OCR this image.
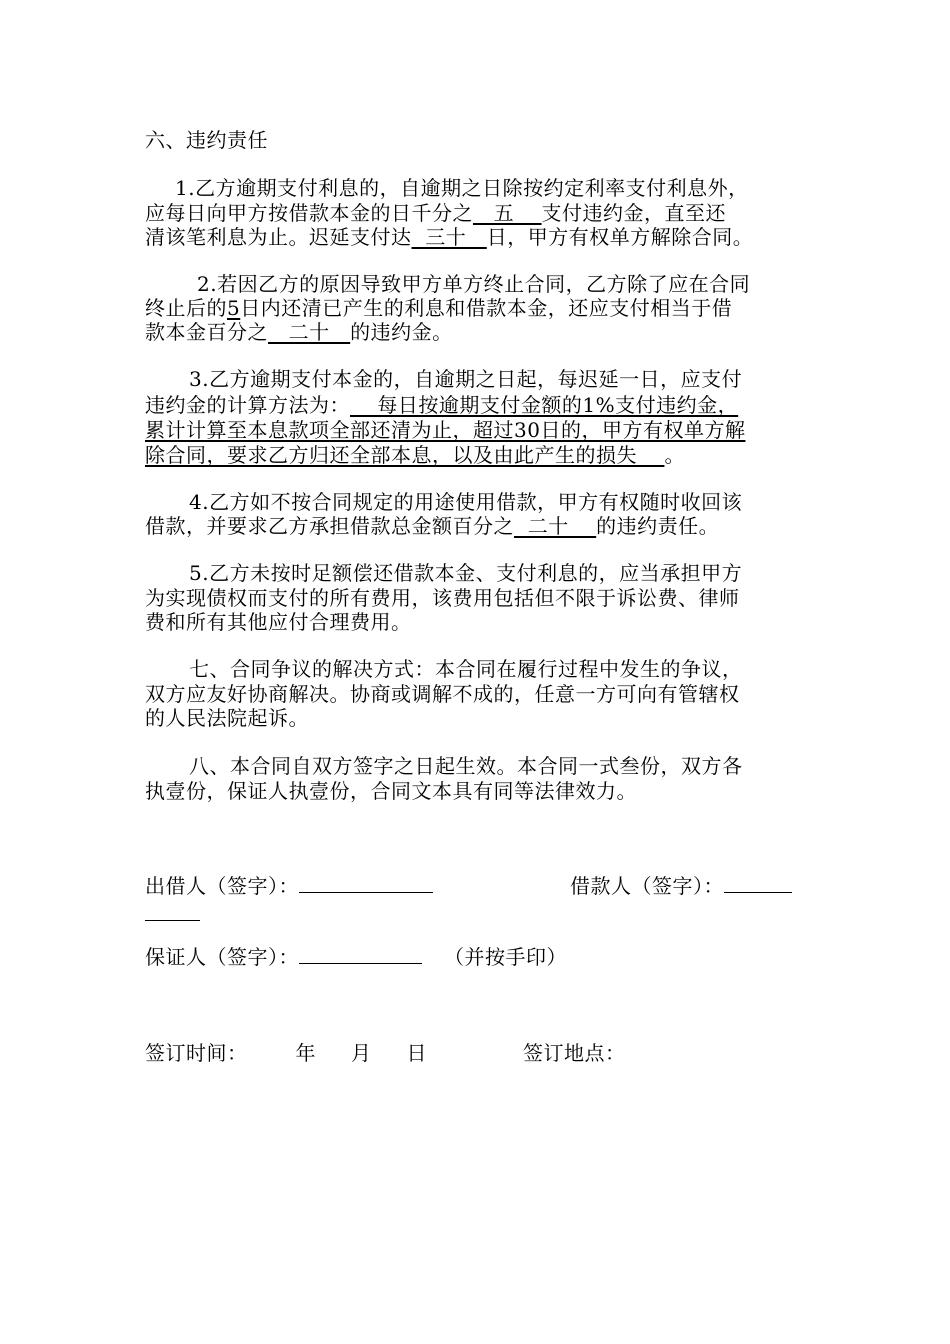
六、违约责任
1.乙方逾期支付利息的，自逾期之日除按约定利率支付利息外，
应每日向甲方按借款本金的日千分之   五    支付违约金，直至还
清该笔利息为止。迟延支付达  三十   日，甲方有权单方解除合同。
2.若因乙方的原因导致甲方单方终止合同，乙方除了应在合同
终止后的5日内还清已产生的利息和借款本金，还应支付相当于借
款本金百分之   二十   的违约金。
3.乙方逾期支付本金的，自逾期之日起，每迟延一日，应支付
违约金的计算方法为：    每日按逾期支付金额的1%支付违约金，
累计计算至本息款项全部还清为止，超过30日的，甲方有权单方解
除合同，要求乙方归还全部本息，以及由此产生的损失    。
4.乙方如不按合同规定的用途使用借款，甲方有权随时收回该
借款，并要求乙方承担借款总金额百分之  二十    的违约责任。
5.乙方未按时足额偿还借款本金、支付利息的，应当承担甲方
为实现债权而支付的所有费用，该费用包括但不限于诉讼费、律师
费和所有其他应付合理费用。
七、合同争议的解决方式：本合同在履行过程中发生的争议，
双方应友好协商解决。协商或调解不成的，任意一方可向有管辖权
的人民法院起诉。
八、本合同自双方签字之日起生效。本合同一式叁份，双方各
执壹份，保证人执壹份，合同文本具有同等法律效力。
出借人（签字）：	借款人（签字）：
保证人（签字）：	（并按手印）
签订时间： 年 月 日	签订地点：
